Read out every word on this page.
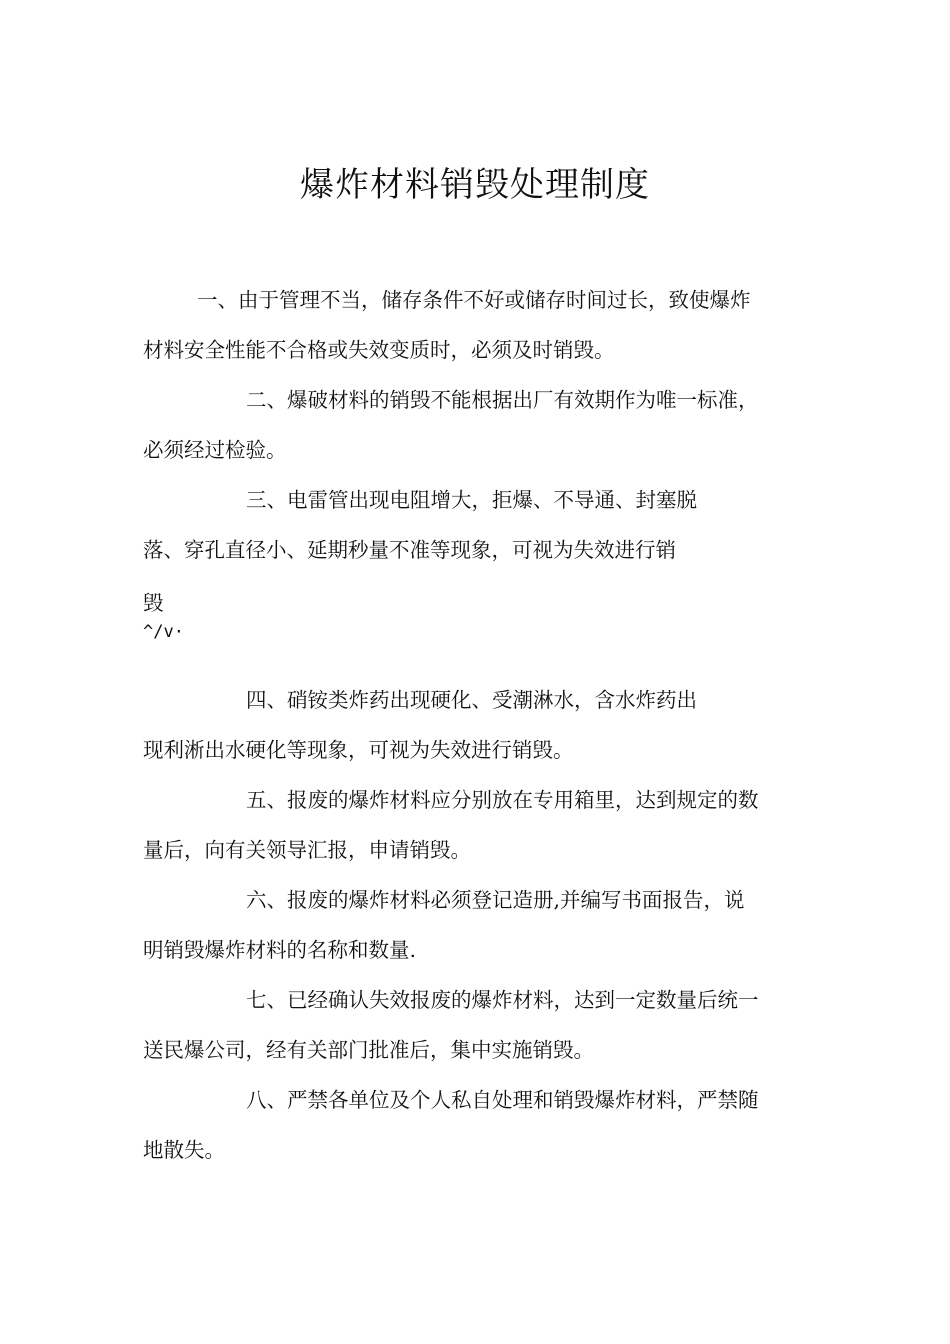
爆炸材料销毁处理制度
一、由于管理不当，储存条件不好或储存时间过长，致使爆炸
材料安全性能不合格或失效变质时，必须及时销毁。
二、爆破材料的销毁不能根据出厂有效期作为唯一标准，
必须经过检验。
三、电雷管出现电阻增大，拒爆、不导通、封塞脱
落、穿孔直径小、延期秒量不准等现象，可视为失效进行销
毁
^/v·
四、硝铵类炸药出现硬化、受潮淋水，含水炸药出
现利淅出水硬化等现象，可视为失效进行销毁。
五、报废的爆炸材料应分别放在专用箱里，达到规定的数
量后，向有关领导汇报，申请销毁。
六、报废的爆炸材料必须登记造册,并编写书面报告，说
明销毁爆炸材料的名称和数量.
七、已经确认失效报废的爆炸材料，达到一定数量后统一
送民爆公司，经有关部门批准后，集中实施销毁。
八、严禁各单位及个人私自处理和销毁爆炸材料，严禁随
地散失。
